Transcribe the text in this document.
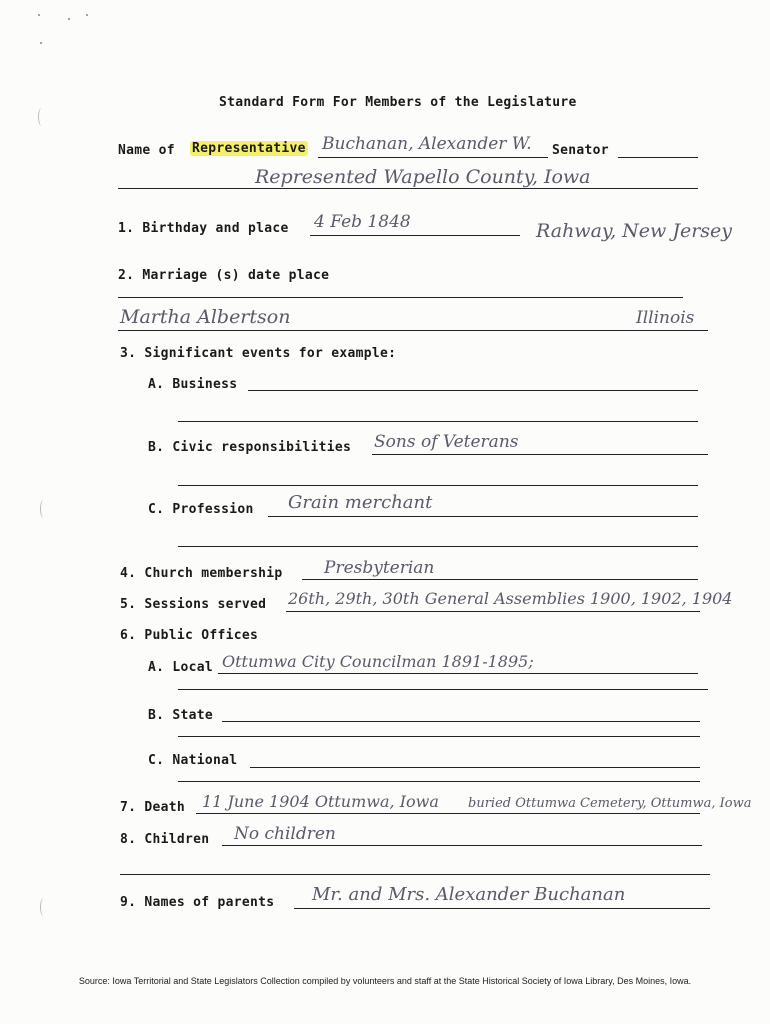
Standard Form For Members of the Legislature
Name of Representative Buchanan, Alexander W. Senator
Represented Wapello County, Iowa
1. Birthday and place 4 Feb 1848	Rahway, New Jersey
2. Marriage (s) date place
Martha Albertson	Illinois
3. Significant events for example:
A. Business
B. Civic responsibilities Sons of Veterans
C. Profession Grain merchant
4. Church membership Presbyterian
5. Sessions served 26th, 29th, 30th General Assemblies 1900, 1902, 1904
6. Public Offices
A. Local Ottumwa City Councilman 1891-1895;
B. State
C. National
7. Death 11 June 1904 Ottumwa, Iowa buried Ottumwa Cemetery, Ottumwa, Iowa
8. Children No children
9. Names of parents Mr. and Mrs. Alexander Buchanan
Source: Iowa Territorial and State Legislators Collection compiled by volunteers and staff at the State Historical Society of Iowa Library, Des Moines, Iowa.
